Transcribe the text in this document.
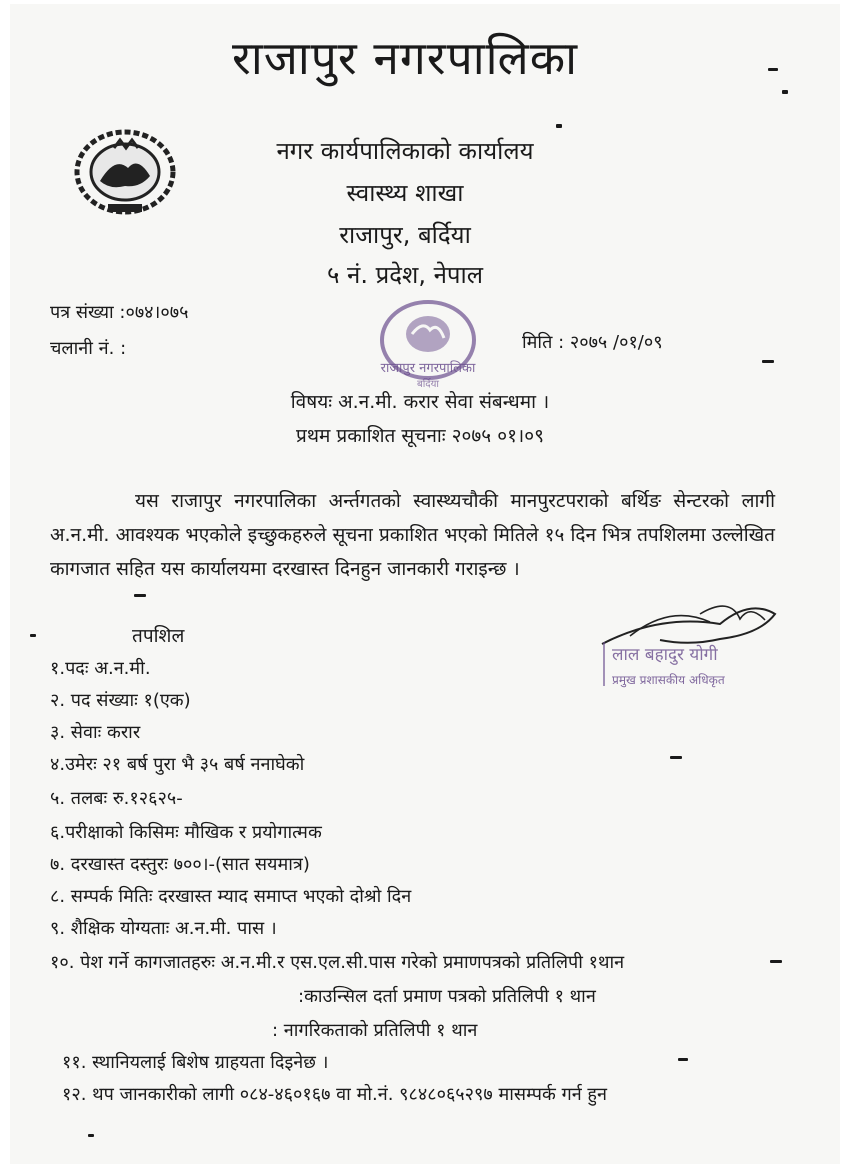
राजापुर नगरपालिका
नगर कार्यपालिकाको कार्यालय
स्वास्थ्य शाखा
राजापुर, बर्दिया
५ नं. प्रदेश, नेपाल
पत्र संख्या :०७४।०७५
चलानी नं. :	मिति : २०७५ /०१/०९
राजापुर नगरपालिका
बर्दिया
विषयः अ.न.मी. करार सेवा संबन्धमा ।
प्रथम प्रकाशित सूचनाः २०७५ ०१।०९
यस राजापुर नगरपालिका अर्न्तगतको स्वास्थ्यचौकी मानपुरटपराको बर्थिङ सेन्टरको लागी अ.न.मी. आवश्यक भएकोले इच्छुकहरुले सूचना प्रकाशित भएको मितिले १५ दिन भित्र तपशिलमा उल्लेखित कागजात सहित यस कार्यालयमा दरखास्त दिनहुन जानकारी गराइन्छ ।
तपशिल
१.पदः अ.न.मी.
२. पद संख्याः १(एक)
३. सेवाः करार
४.उमेरः २१ बर्ष पुरा भै ३५ बर्ष ननाघेको
५. तलबः रु.१२६२५-
६.परीक्षाको किसिमः मौखिक र प्रयोगात्मक
७. दरखास्त दस्तुरः ७००।-(सात सयमात्र)
८. सम्पर्क मितिः दरखास्त म्याद समाप्त भएको दोश्रो दिन
९. शैक्षिक योग्यताः अ.न.मी. पास ।
१०. पेश गर्ने कागजातहरुः अ.न.मी.र एस.एल.सी.पास गरेको प्रमाणपत्रको प्रतिलिपी १थान
:काउन्सिल दर्ता प्रमाण पत्रको प्रतिलिपी १ थान
: नागरिकताको प्रतिलिपी १ थान
११. स्थानियलाई बिशेष ग्राहयता दिइनेछ ।
१२. थप जानकारीको लागी ०८४-४६०१६७ वा मो.नं. ९८४८०६५२९७ मासम्पर्क गर्न हुन
लाल बहादुर योगी
प्रमुख प्रशासकीय अधिकृत
